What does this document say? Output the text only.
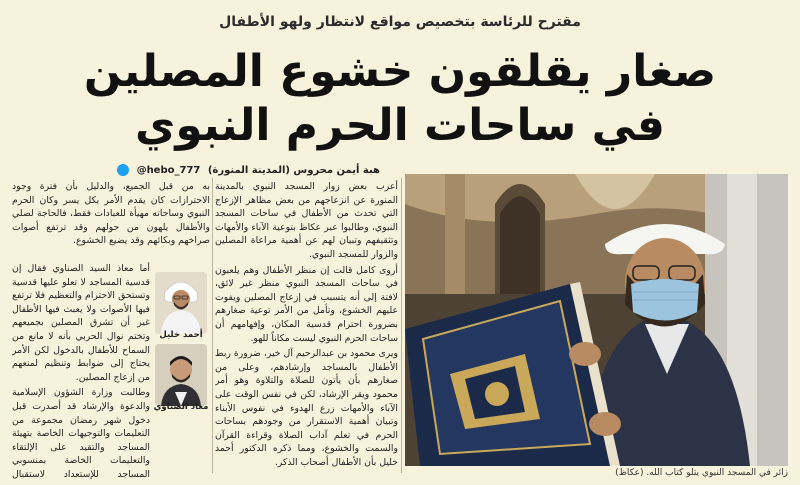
مقترح للرئاسة بتخصيص مواقع لانتظار ولهو الأطفال
صغار يقلقون خشوع المصلين
في ساحات الحرم النبوي
هبة أيمن محروس (المدينة المنورة) @hebo_777

أعرب بعض زوار المسجد النبوي بالمدينة المنورة عن انزعاجهم من بعض مظاهر الإزعاج التي تحدث من الأطفال في ساحات المسجد النبوي، وطالبوا عبر عكاظ بتوعية الآباء والأمهات وتثقيفهم وتبيان لهم عن أهمية مراعاة المصلين والزوار للمسجد النبوي.

أروى كامل قالت إن منظر الأطفال وهم يلعبون في ساحات المسجد النبوي منظر غير لائق، لافتة إلى أنه يتسبب في إزعاج المصلين ويفوت عليهم الخشوع، وتأمل من الأمر توعية صغارهم بضرورة احترام قدسية المكان، وإفهامهم أن ساحات الحرم النبوي ليست مكاناً للهو.

ويرى محمود بن عبدالرحيم آل خير، ضرورة ربط الأطفال بالمساجد وإرشادهم، وعلى من صغارهم بأن يأتون للصلاة والتلاوة وهو أمر محمود ويقر الإرشاد، لكن في نفس الوقت على الآباء والأمهات زرع الهدوء في نفوس الأبناء وتبيان أهمية الاستقرار من وجودهم بساحات الحرم في تعلم آداب الصلاة وقراءة القرآن والسمت والخشوع، ومما ذكره الدكتور أحمد خليل بأن الأطفال أصحاب الذكر.

به من قبل الجميع، والدليل بأن فترة وجود الاحترازات كان يقدم الأمر بكل يسر وكان الحرم النبوي وساحاته مهيأة للعبادات فقط، فالحاجة لصلي والأطفال يلهون من حولهم وقد ترتفع أصوات صراخهم وبكائهم وقد يضيع الخشوع.

أما معاذ السيد الصناوي فقال إن قدسية المساجد لا تعلو عليها قدسية وتستحق الاحترام والتعظيم فلا ترتفع فيها الأصوات ولا يعبث فيها الأطفال غير أن تشرق المصلين بجميعهم

وتختم نوال الحربي بأنه لا مانع من السماح للأطفال بالدخول لكن الأمر يحتاج إلى ضوابط وتنظيم لمنعهم من إزعاج المصلين.

وطالبت وزارة الشؤون الإسلامية والدعوة والإرشاد قد أصدرت قبل دخول شهر رمضان مجموعة من التعليمات والتوجيهات الخاصة بتهيئة المساجد والتقيد على الإلتقاء والتعليمات الخاصة بمنسوبي المساجد للإستعداد لاستقبال

أحمد خليل
معاذ الصناوي
زائر في المسجد النبوي يتلو كتاب الله. (عكاظ)
